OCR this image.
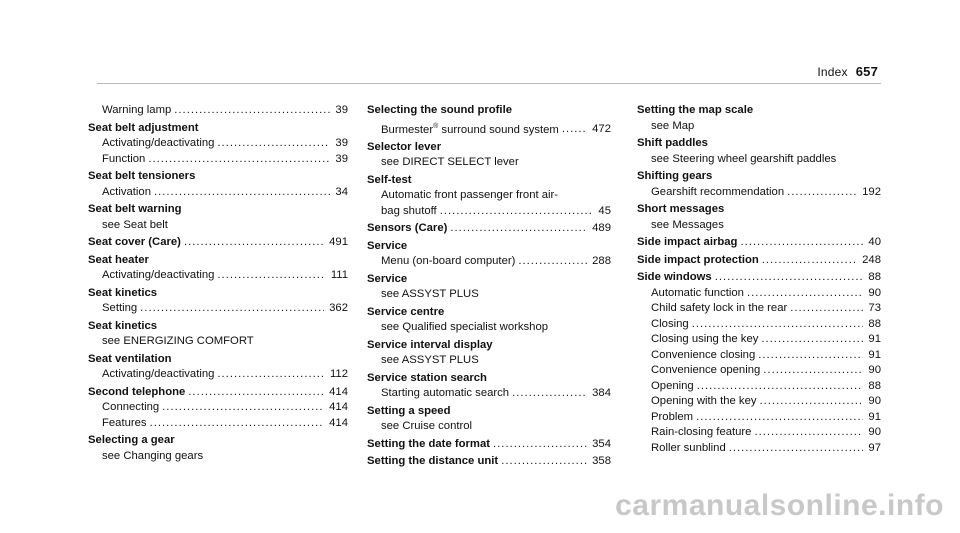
Index 657
Warning lamp .....	39
Seat belt adjustment
Activating/deactivating .....	39
Function .....	39
Seat belt tensioners
Activation .....	34
Seat belt warning
see Seat belt
Seat cover (Care) .....	491
Seat heater
Activating/deactivating .....	111
Seat kinetics
Setting .....	362
Seat kinetics
see ENERGIZING COMFORT
Seat ventilation
Activating/deactivating .....	112
Second telephone .....	414
Connecting .....	414
Features .....	414
Selecting a gear
see Changing gears
Selecting the sound profile
Burmester® surround sound system .....	472
Selector lever
see DIRECT SELECT lever
Self-test
Automatic front passenger front air-
bag shutoff .....	45
Sensors (Care) .....	489
Service
Menu (on-board computer) .....	288
Service
see ASSYST PLUS
Service centre
see Qualified specialist workshop
Service interval display
see ASSYST PLUS
Service station search
Starting automatic search .....	384
Setting a speed
see Cruise control
Setting the date format .....	354
Setting the distance unit .....	358
Setting the map scale
see Map
Shift paddles
see Steering wheel gearshift paddles
Shifting gears
Gearshift recommendation .....	192
Short messages
see Messages
Side impact airbag .....	40
Side impact protection .....	248
Side windows .....	88
Automatic function .....	90
Child safety lock in the rear .....	73
Closing .....	88
Closing using the key .....	91
Convenience closing .....	91
Convenience opening .....	90
Opening .....	88
Opening with the key .....	90
Problem .....	91
Rain-closing feature .....	90
Roller sunblind .....	97
carmanualsonline.info
